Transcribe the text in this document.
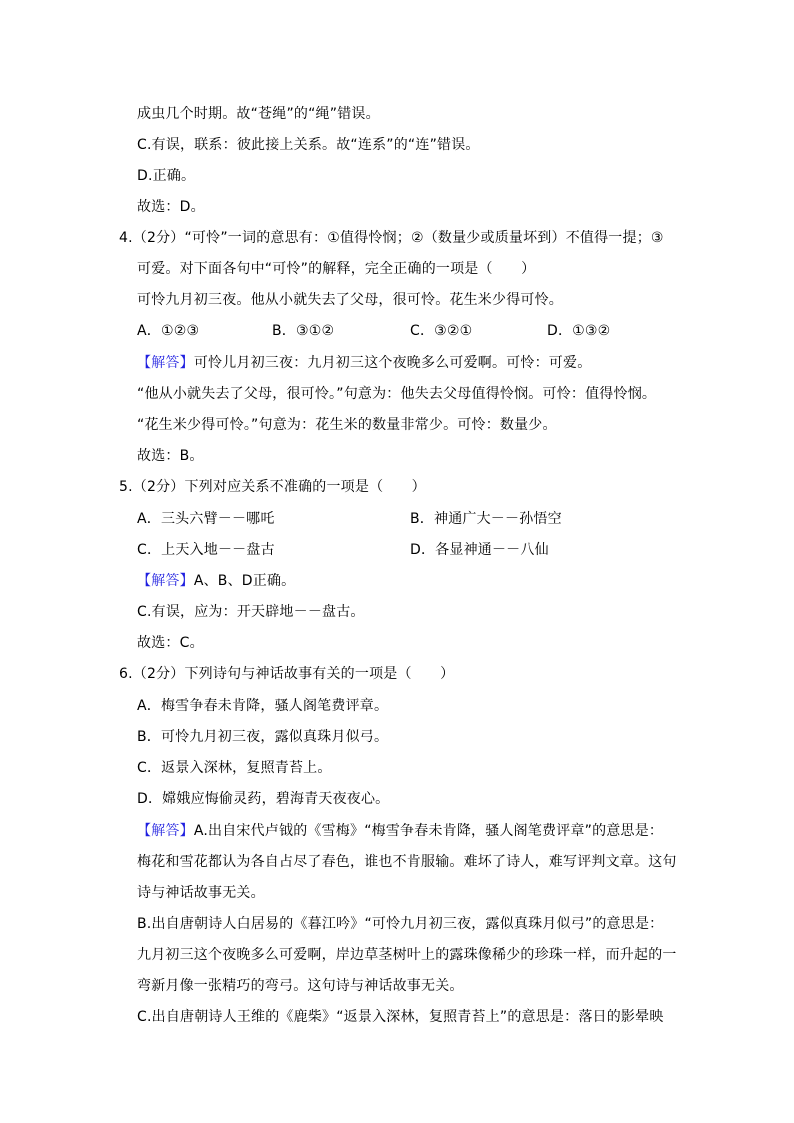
成虫几个时期。故“苍绳”的“绳”错误。
C.有误，联系：彼此接上关系。故“连系”的“连”错误。
D.正确。
故选：D。
4.（2分）“可怜”一词的意思有：①值得怜悯；②（数量少或质量坏到）不值得一提；③
可爱。对下面各句中“可怜”的解释，完全正确的一项是（　　）
可怜九月初三夜。他从小就失去了父母，很可怜。花生米少得可怜。
A．①②③	B．③①②	C．③②①	D．①③②
【解答】可怜儿月初三夜：九月初三这个夜晚多么可爱啊。可怜：可爱。
“他从小就失去了父母，很可怜。”句意为：他失去父母值得怜悯。可怜：值得怜悯。
“花生米少得可怜。”句意为：花生米的数量非常少。可怜：数量少。
故选：B。
5.（2分）下列对应关系不准确的一项是（　　）
A．三头六臂－－哪吒	B．神通广大－－孙悟空
C．上天入地－－盘古	D．各显神通－－八仙
【解答】A、B、D正确。
C.有误，应为：开天辟地－－盘古。
故选：C。
6.（2分）下列诗句与神话故事有关的一项是（　　）
A．梅雪争春未肯降，骚人阁笔费评章。
B．可怜九月初三夜，露似真珠月似弓。
C．返景入深林，复照青苔上。
D．嫦娥应悔偷灵药，碧海青天夜夜心。
【解答】A.出自宋代卢钺的《雪梅》“梅雪争春未肯降，骚人阁笔费评章”的意思是：
梅花和雪花都认为各自占尽了春色，谁也不肯服输。难坏了诗人，难写评判文章。这句
诗与神话故事无关。
B.出自唐朝诗人白居易的《暮江吟》“可怜九月初三夜，露似真珠月似弓”的意思是：
九月初三这个夜晚多么可爱啊，岸边草茎树叶上的露珠像稀少的珍珠一样，而升起的一
弯新月像一张精巧的弯弓。这句诗与神话故事无关。
C.出自唐朝诗人王维的《鹿柴》“返景入深林，复照青苔上”的意思是：落日的影晕映
